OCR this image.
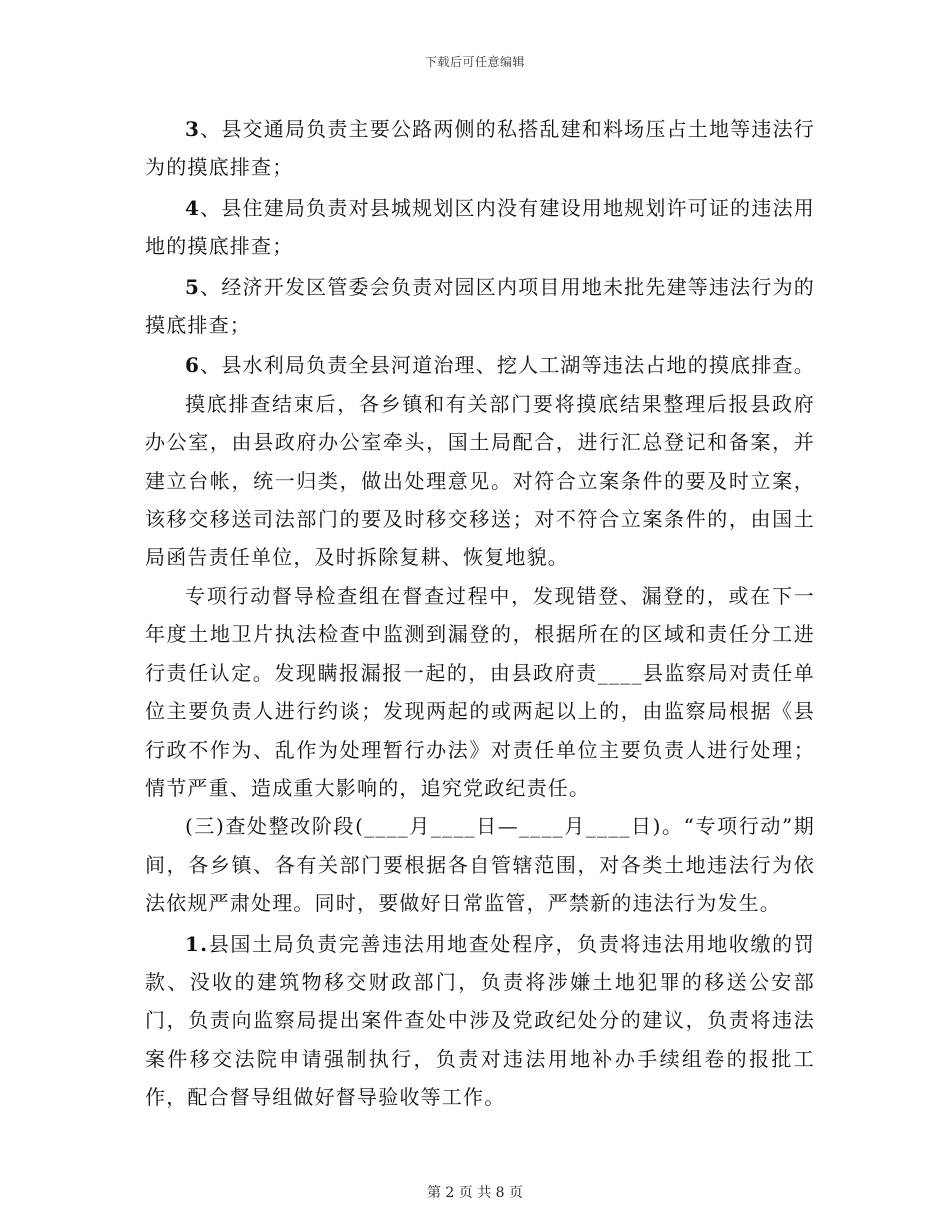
下载后可任意编辑

3、县交通局负责主要公路两侧的私搭乱建和料场压占土地等违法行为的摸底排查；

4、县住建局负责对县城规划区内没有建设用地规划许可证的违法用地的摸底排查；

5、经济开发区管委会负责对园区内项目用地未批先建等违法行为的摸底排查；

6、县水利局负责全县河道治理、挖人工湖等违法占地的摸底排查。

摸底排查结束后，各乡镇和有关部门要将摸底结果整理后报县政府办公室，由县政府办公室牵头，国土局配合，进行汇总登记和备案，并建立台帐，统一归类，做出处理意见。对符合立案条件的要及时立案，该移交移送司法部门的要及时移交移送；对不符合立案条件的，由国土局函告责任单位，及时拆除复耕、恢复地貌。

专项行动督导检查组在督查过程中，发现错登、漏登的，或在下一年度土地卫片执法检查中监测到漏登的，根据所在的区域和责任分工进行责任认定。发现瞒报漏报一起的，由县政府责____县监察局对责任单位主要负责人进行约谈；发现两起的或两起以上的，由监察局根据《县行政不作为、乱作为处理暂行办法》对责任单位主要负责人进行处理；情节严重、造成重大影响的，追究党政纪责任。

(三)查处整改阶段(____月____日—____月____日)。“专项行动”期间，各乡镇、各有关部门要根据各自管辖范围，对各类土地违法行为依法依规严肃处理。同时，要做好日常监管，严禁新的违法行为发生。

1.县国土局负责完善违法用地查处程序，负责将违法用地收缴的罚款、没收的建筑物移交财政部门，负责将涉嫌土地犯罪的移送公安部门，负责向监察局提出案件查处中涉及党政纪处分的建议，负责将违法案件移交法院申请强制执行，负责对违法用地补办手续组卷的报批工作，配合督导组做好督导验收等工作。

第 2 页 共 8 页
